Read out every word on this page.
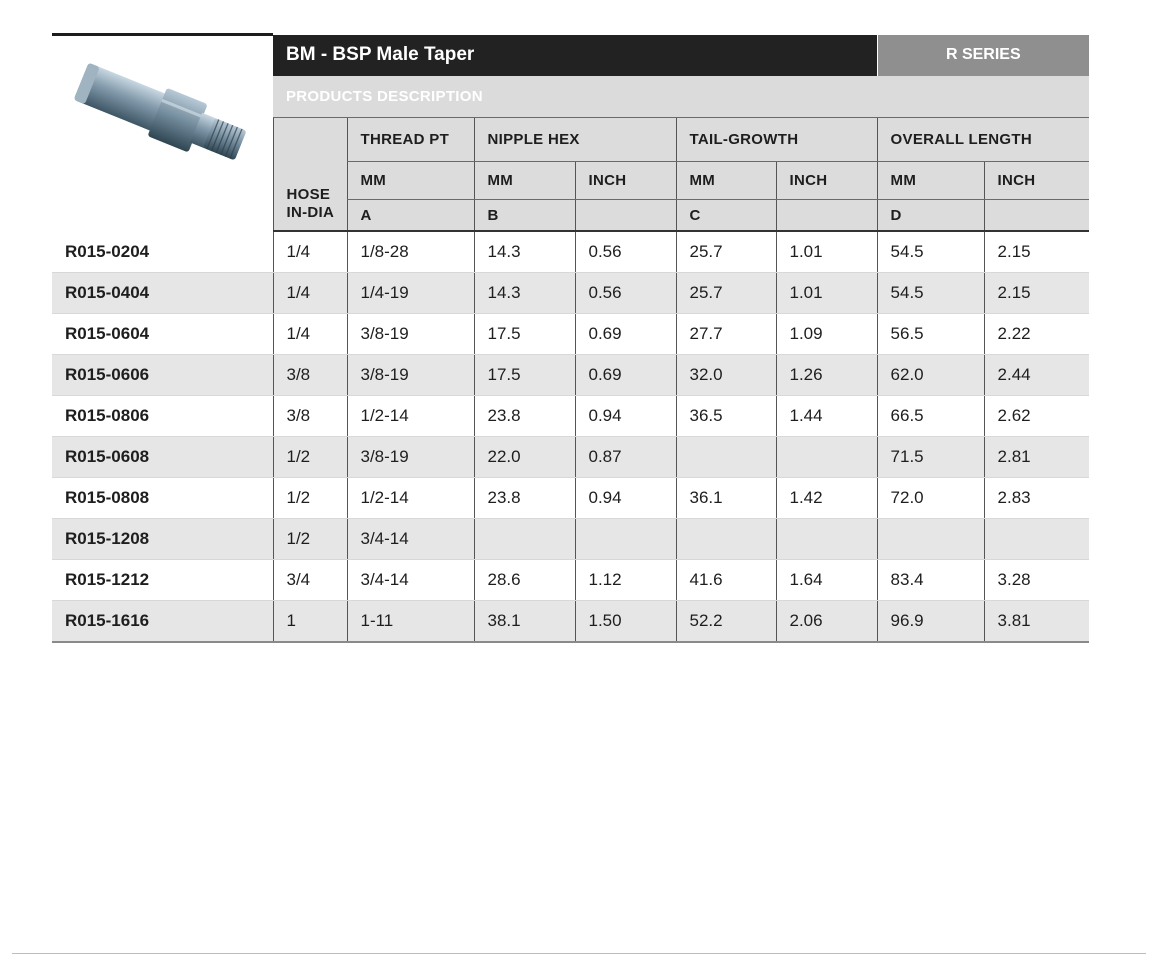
	BM - BSP Male Taper						R SERIES	
	PRODUCTS DESCRIPTION							

	HOSE IN-DIA	THREAD PT	NIPPLE HEX		TAIL-GROWTH		OVERALL LENGTH	
		MM	MM	INCH	MM	INCH	MM	INCH
		A	B		C		D	
R015-0204	1/4	1/8-28	14.3	0.56	25.7	1.01	54.5	2.15
R015-0404	1/4	1/4-19	14.3	0.56	25.7	1.01	54.5	2.15
R015-0604	1/4	3/8-19	17.5	0.69	27.7	1.09	56.5	2.22
R015-0606	3/8	3/8-19	17.5	0.69	32.0	1.26	62.0	2.44
R015-0806	3/8	1/2-14	23.8	0.94	36.5	1.44	66.5	2.62
R015-0608	1/2	3/8-19	22.0	0.87			71.5	2.81
R015-0808	1/2	1/2-14	23.8	0.94	36.1	1.42	72.0	2.83
R015-1208	1/2	3/4-14						
R015-1212	3/4	3/4-14	28.6	1.12	41.6	1.64	83.4	3.28
R015-1616	1	1-11	38.1	1.50	52.2	2.06	96.9	3.81
